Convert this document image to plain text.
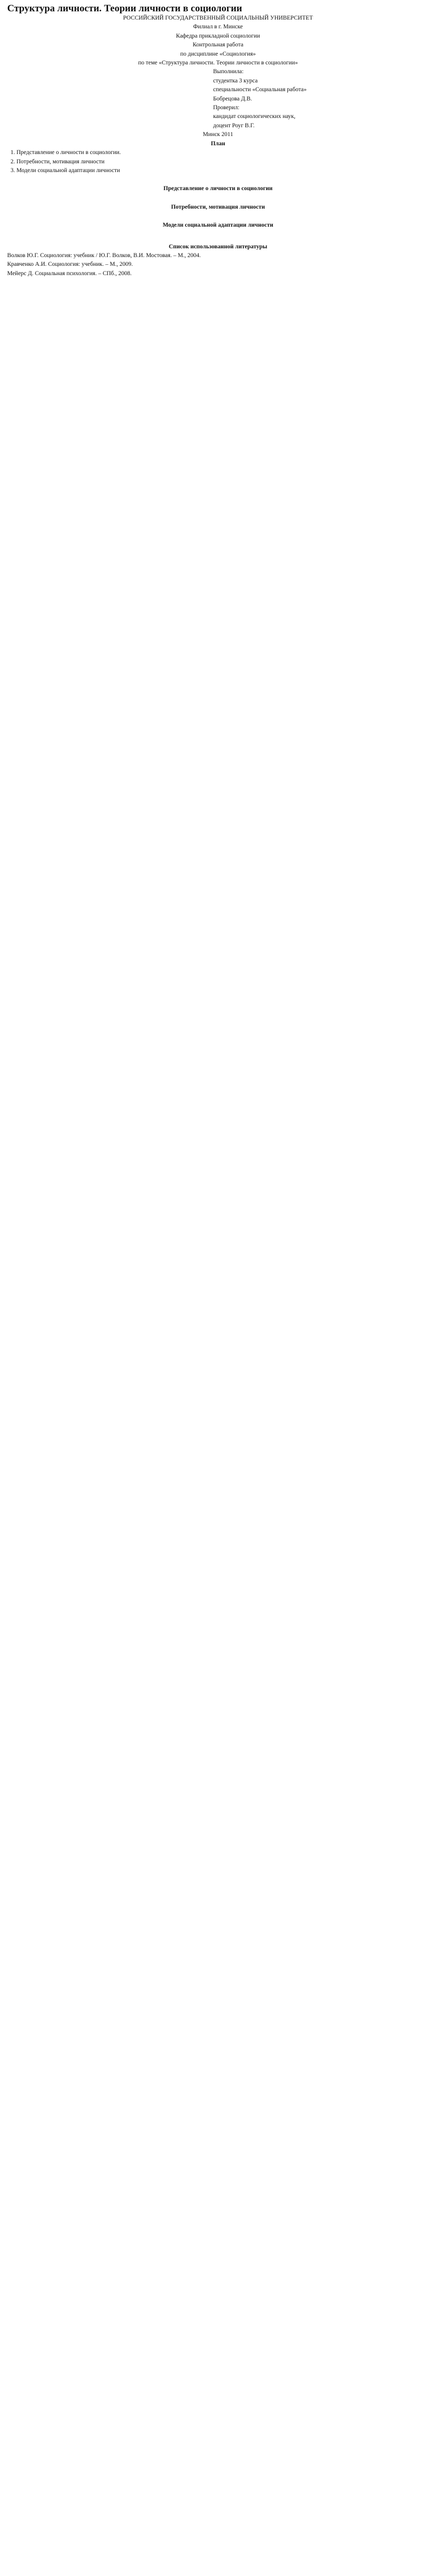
Структура личности. Теории личности в социологии
РОССИЙСКИЙ ГОСУДАРСТВЕННЫЙ СОЦИАЛЬНЫЙ УНИВЕРСИТЕТ
Филиал в г. Минске
Кафедра прикладной социологии
Контрольная работа
по дисциплине «Социология»
по теме «Структура личности. Теории личности в социологии»
Выполнила:
студентка 3 курса
специальности «Социальная работа»
Бобрецова Д.В.
Проверил:
кандидат социологических наук,
доцент Роуг В.Г.
Минск 2011
План
1. Представление о личности в социологии.
2. Потребности, мотивация личности
3. Модели социальной адаптации личности
Представление о личности в социологии
Потребности, мотивация личности
Модели социальной адаптации личности
Список использованной литературы
Волков Ю.Г. Социология: учебник / Ю.Г. Волков, В.И. Мостовая. – М., 2004.
Кравченко А.И. Социология: учебник. – М., 2009.
Мейерс Д. Социальная психология. – СПб., 2008.
